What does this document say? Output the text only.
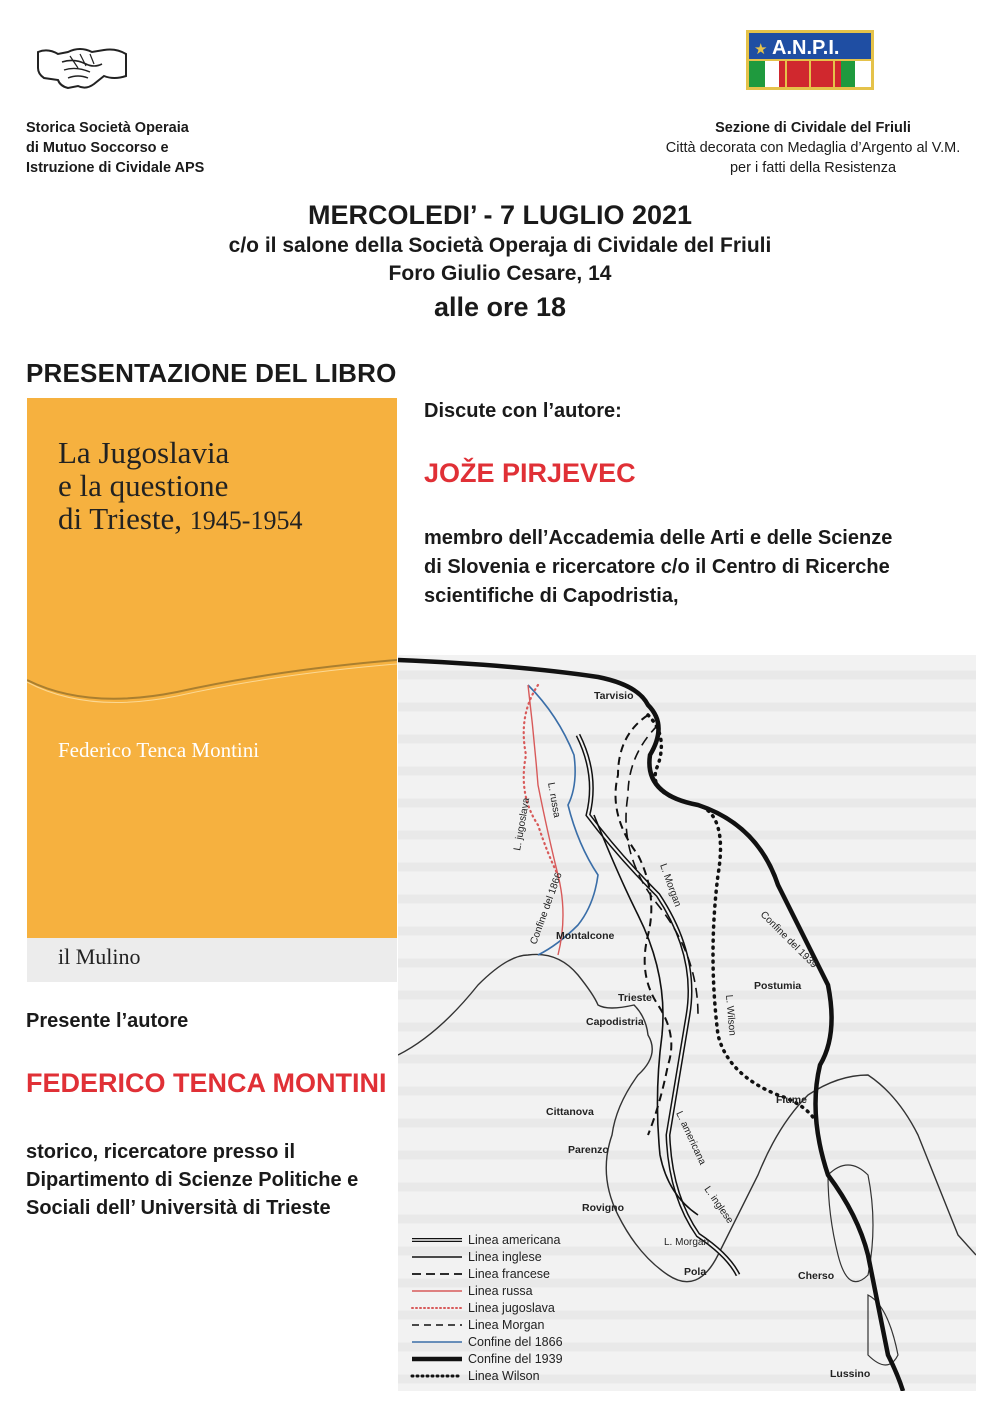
★ A.N.P.I.
Storica Società Operaia
di Mutuo Soccorso e
Istruzione di Cividale APS
Sezione di Cividale del Friuli
Città decorata con Medaglia d’Argento al V.M.
per i fatti della Resistenza
MERCOLEDI’ - 7 LUGLIO 2021
c/o il salone della Società Operaja di Cividale del Friuli
Foro Giulio Cesare, 14
alle ore 18
PRESENTAZIONE DEL LIBRO
La Jugoslavia
e la questione
di Trieste, 1945-1954
Federico Tenca Montini
il Mulino
Discute con l’autore:
JOŽE PIRJEVEC
membro dell’Accademia delle Arti e delle Scienze
di Slovenia e ricercatore c/o il Centro di Ricerche
scientifiche di Capodristia,
Presente l’autore
FEDERICO TENCA MONTINI
storico, ricercatore presso il
Dipartimento di Scienze Politiche e
Sociali dell’ Università di Trieste
Tarvisio
Montalcone
Trieste
Capodistria
Postumia
Fiume
Cittanova
Parenzo
Rovigno
Pola	Cherso
Lussino
L. jugoslava L. russa
L. Morgan
Confine del 1866	Confine del 1939
L. Wilson
L. americana
L. inglese
L. Morgan
Linea americana
Linea inglese
Linea francese
Linea russa
Linea jugoslava
Linea Morgan
Confine del 1866
Confine del 1939
Linea Wilson
